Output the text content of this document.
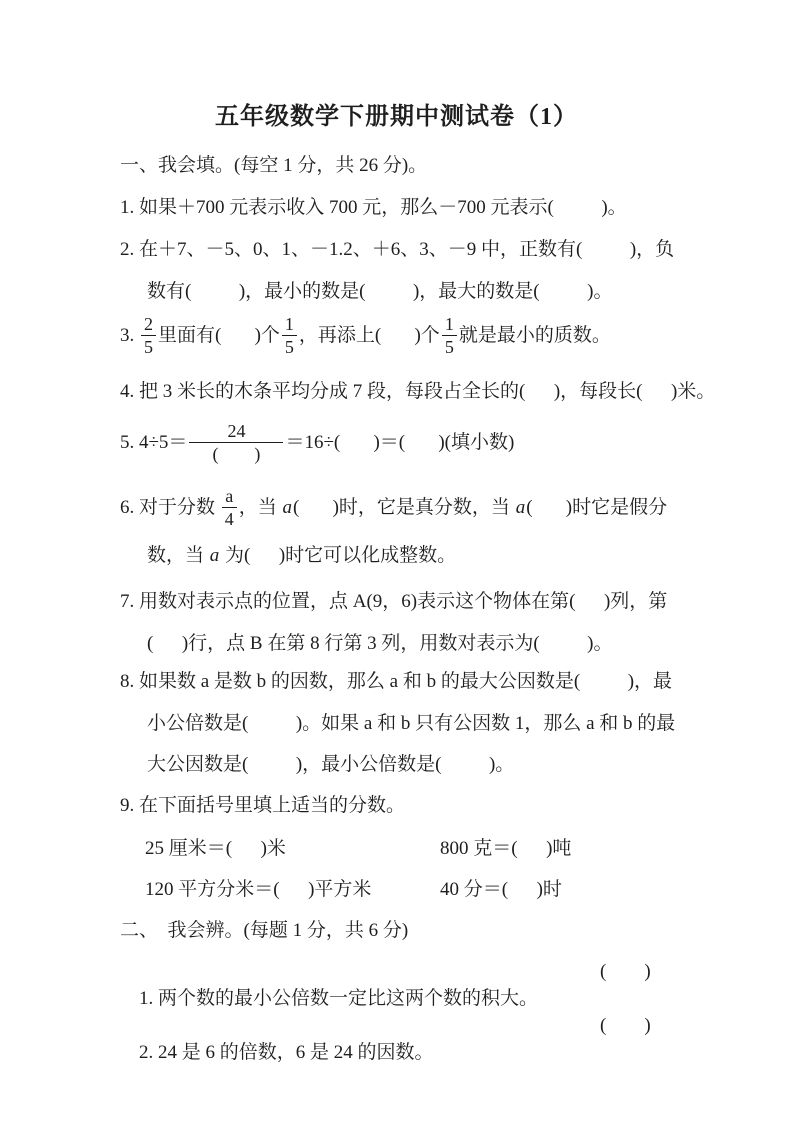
五年级数学下册期中测试卷（1）
一、我会填。(每空 1 分，共 26 分)。
1. 如果＋700 元表示收入 700 元，那么－700 元表示(          )。
2. 在＋7、－5、0、1、－1.2、＋6、3、－9 中，正数有(          )，负
数有(          )，最小的数是(          )，最大的数是(          )。
3. $\frac{2}{5}$ 里面有(       )个 $\frac{1}{5}$ ，再添上(       )个 $\frac{1}{5}$ 就是最小的质数。
4. 把 3 米长的木条平均分成 7 段，每段占全长的(      )，每段长(      )米。
5. $4\div 5= \frac{24}{( )} =16\div$(       )＝(       )(填小数)
6. 对于分数 $\frac{a}{4}$ ，当 a (       )时，它是真分数，当 a (       )时它是假分
数，当 a 为(      )时它可以化成整数。
7. 用数对表示点的位置，点 A(9，6)表示这个物体在第(      )列，第
(      )行，点 B 在第 8 行第 3 列，用数对表示为(          )。
8. 如果数 a 是数 b 的因数，那么 a 和 b 的最大公因数是(          )，最
小公倍数是(          )。如果 a 和 b 只有公因数 1，那么 a 和 b 的最
大公因数是(          )，最小公倍数是(          )。
9. 在下面括号里填上适当的分数。

25 厘米＝(      )米

	800 克＝(      )吨

120 平方分米＝(      )平方米

	40 分＝(      )时

二、  我会辨。(每题 1 分，共 6 分)

1. 两个数的最小公倍数一定比这两个数的积大。

(        )

2. 24 是 6 的倍数，6 是 24 的因数。

(        )
